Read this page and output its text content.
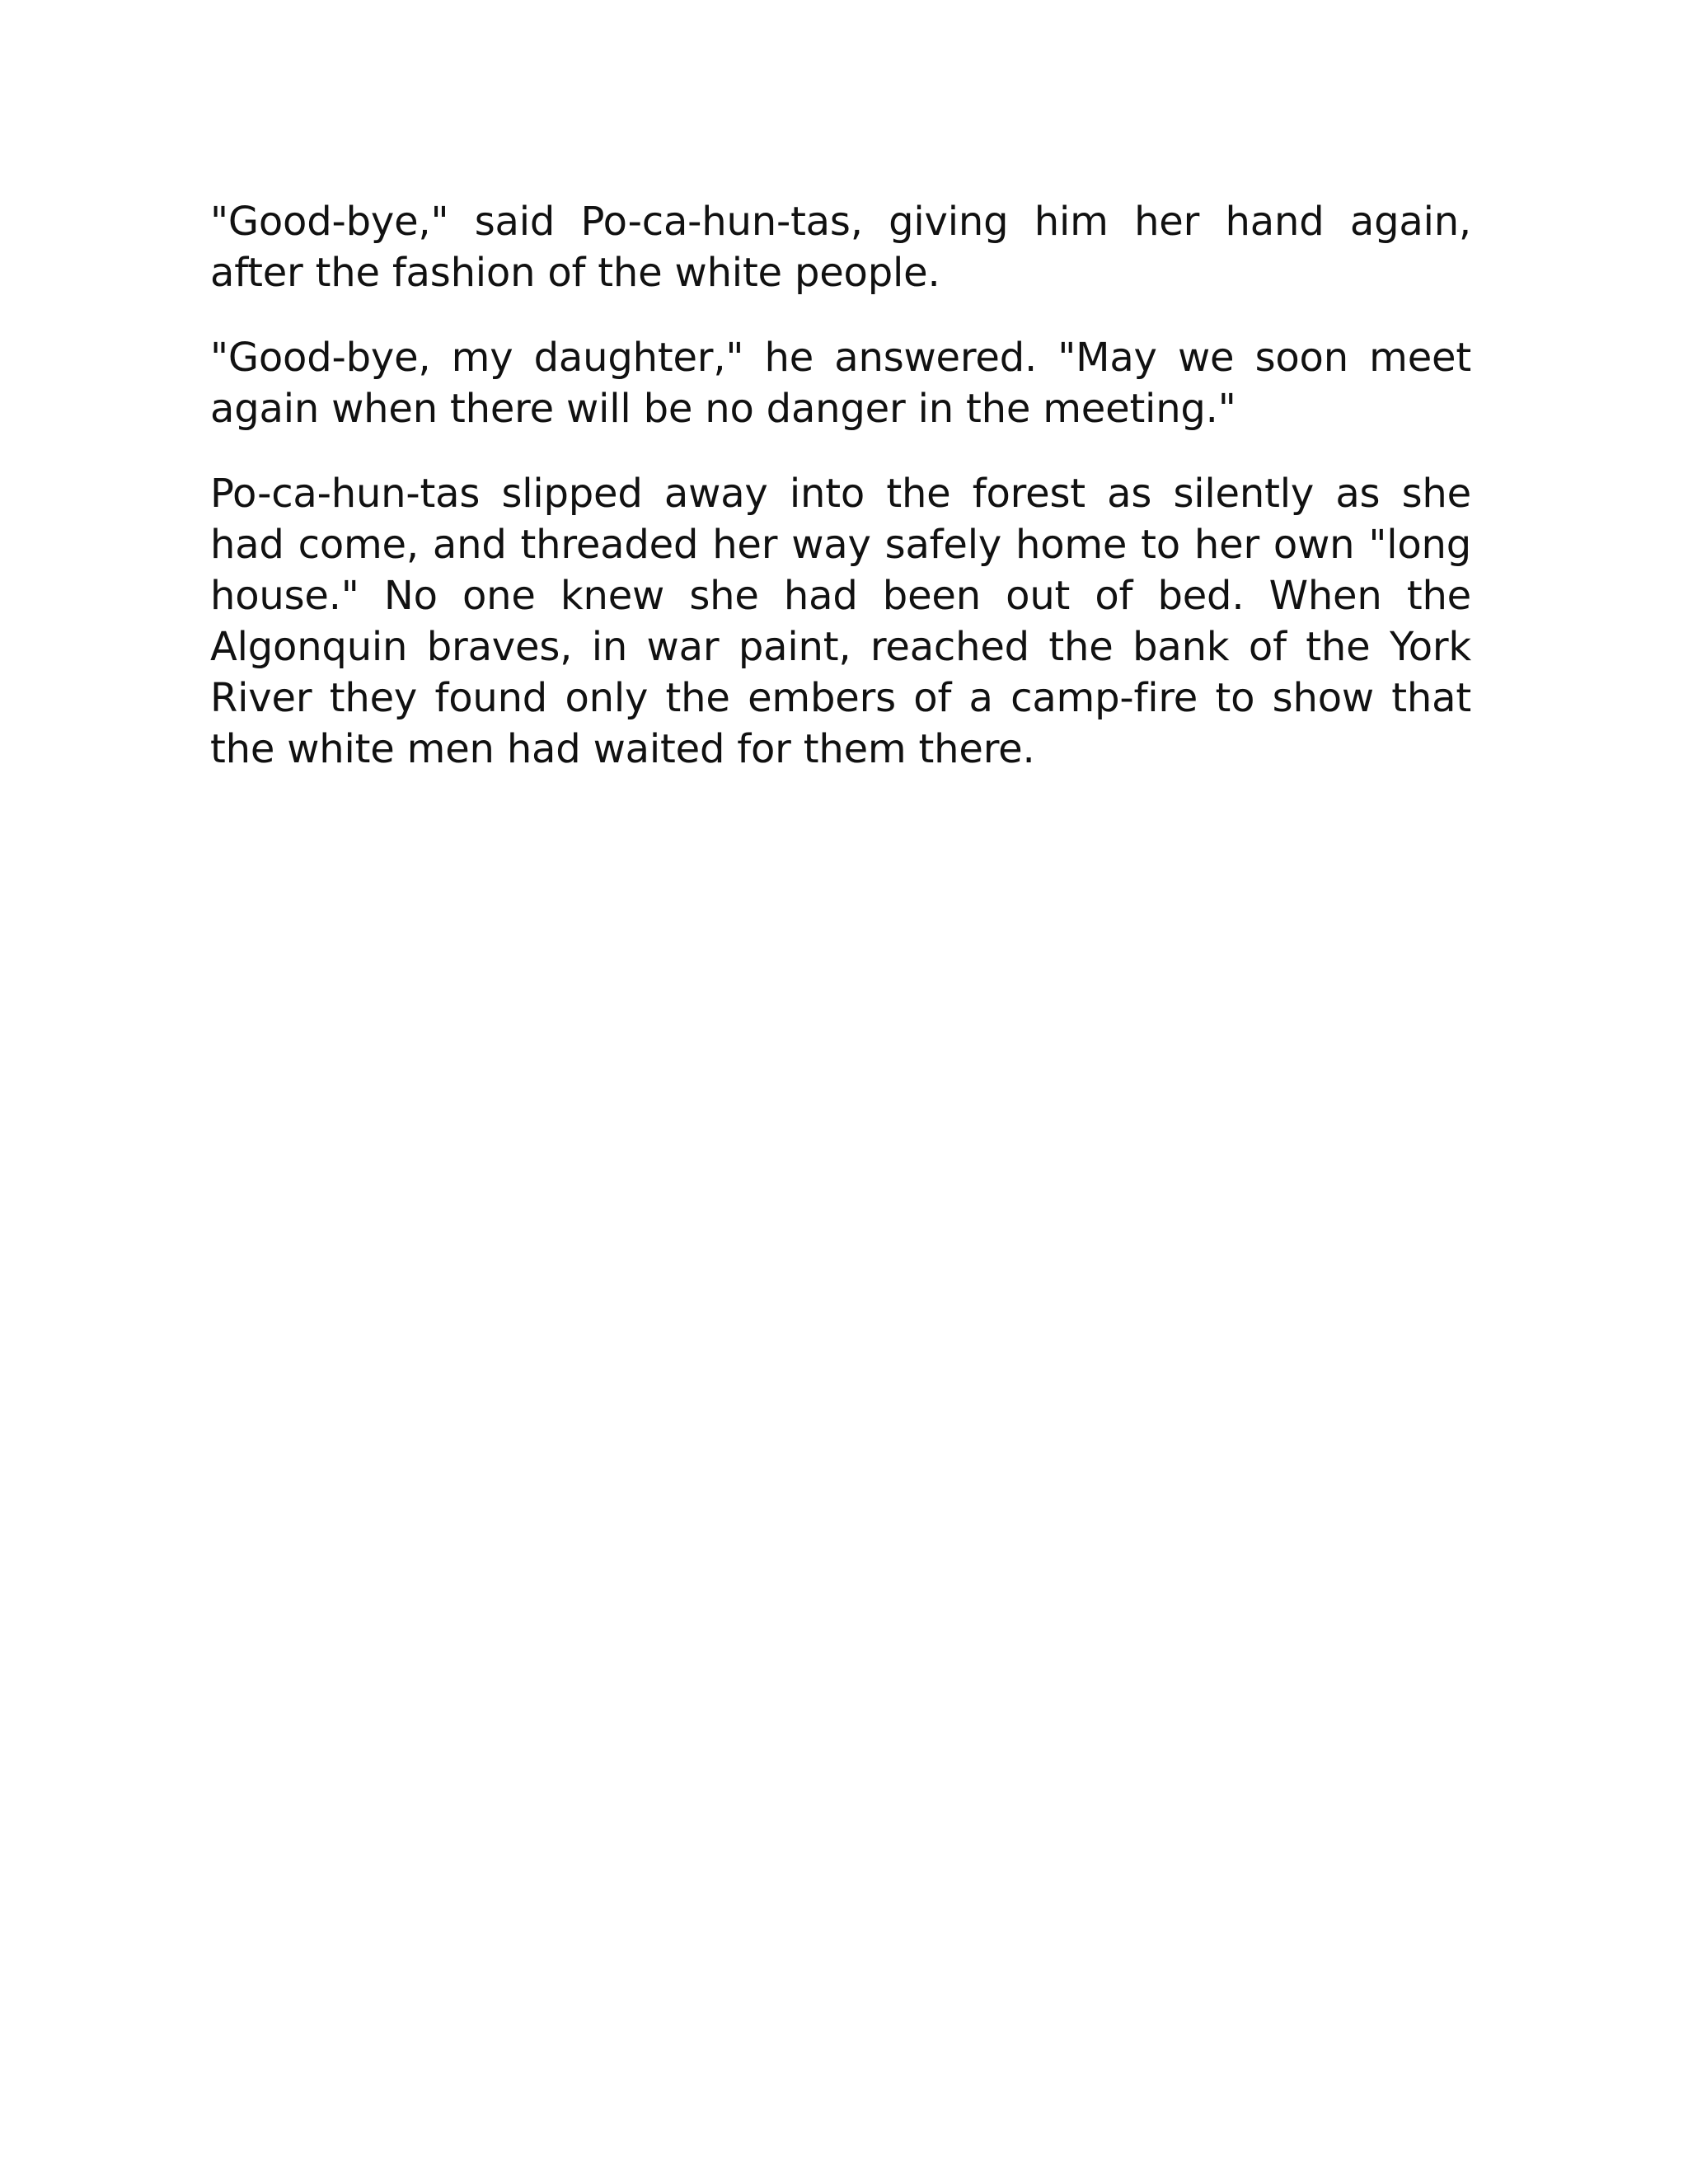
"Good-bye," said Po-ca-hun-tas, giving him her hand again, after the fashion of the white people.

"Good-bye, my daughter," he answered. "May we soon meet again when there will be no danger in the meeting."

Po-ca-hun-tas slipped away into the forest as silently as she had come, and threaded her way safely home to her own "long house." No one knew she had been out of bed. When the Algonquin braves, in war paint, reached the bank of the York River they found only the embers of a camp-fire to show that the white men had waited for them there.
